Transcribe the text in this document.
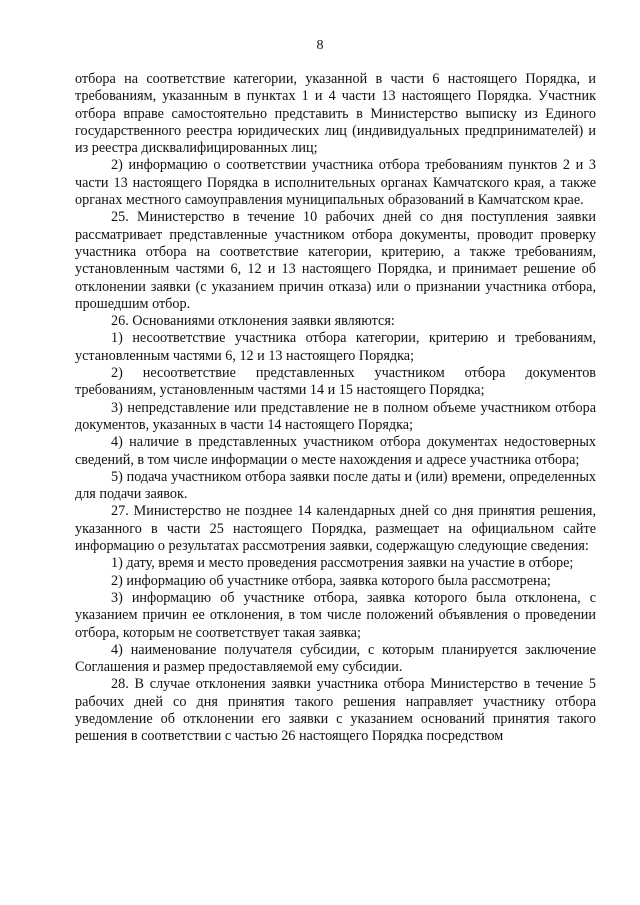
8

отбора на соответствие категории, указанной в части 6 настоящего Порядка, и требованиям, указанным в пунктах 1 и 4 части 13 настоящего Порядка. Участник отбора вправе самостоятельно представить в Министерство выписку из Единого государственного реестра юридических лиц (индивидуальных предпринимателей) и из реестра дисквалифицированных лиц;

2) информацию о соответствии участника отбора требованиям пунктов 2 и 3 части 13 настоящего Порядка в исполнительных органах Камчатского края, а также органах местного самоуправления муниципальных образований в Камчатском крае.

25. Министерство в течение 10 рабочих дней со дня поступления заявки рассматривает представленные участником отбора документы, проводит проверку участника отбора на соответствие категории, критерию, а также требованиям, установленным частями 6, 12 и 13 настоящего Порядка, и принимает решение об отклонении заявки (с указанием причин отказа) или о признании участника отбора, прошедшим отбор.

26. Основаниями отклонения заявки являются:

1) несоответствие участника отбора категории, критерию и требованиям, установленным частями 6, 12 и 13 настоящего Порядка;

2) несоответствие представленных участником отбора документов требованиям, установленным частями 14 и 15 настоящего Порядка;

3) непредставление или представление не в полном объеме участником отбора документов, указанных в части 14 настоящего Порядка;

4) наличие в представленных участником отбора документах недостоверных сведений, в том числе информации о месте нахождения и адресе участника отбора;

5) подача участником отбора заявки после даты и (или) времени, определенных для подачи заявок.

27. Министерство не позднее 14 календарных дней со дня принятия решения, указанного в части 25 настоящего Порядка, размещает на официальном сайте информацию о результатах рассмотрения заявки, содержащую следующие сведения:

1) дату, время и место проведения рассмотрения заявки на участие в отборе;

2) информацию об участнике отбора, заявка которого была рассмотрена;

3) информацию об участнике отбора, заявка которого была отклонена, с указанием причин ее отклонения, в том числе положений объявления о проведении отбора, которым не соответствует такая заявка;

4) наименование получателя субсидии, с которым планируется заключение Соглашения и размер предоставляемой ему субсидии.

28. В случае отклонения заявки участника отбора Министерство в течение 5 рабочих дней со дня принятия такого решения направляет участнику отбора уведомление об отклонении его заявки с указанием оснований принятия такого решения в соответствии с частью 26 настоящего Порядка посредством
